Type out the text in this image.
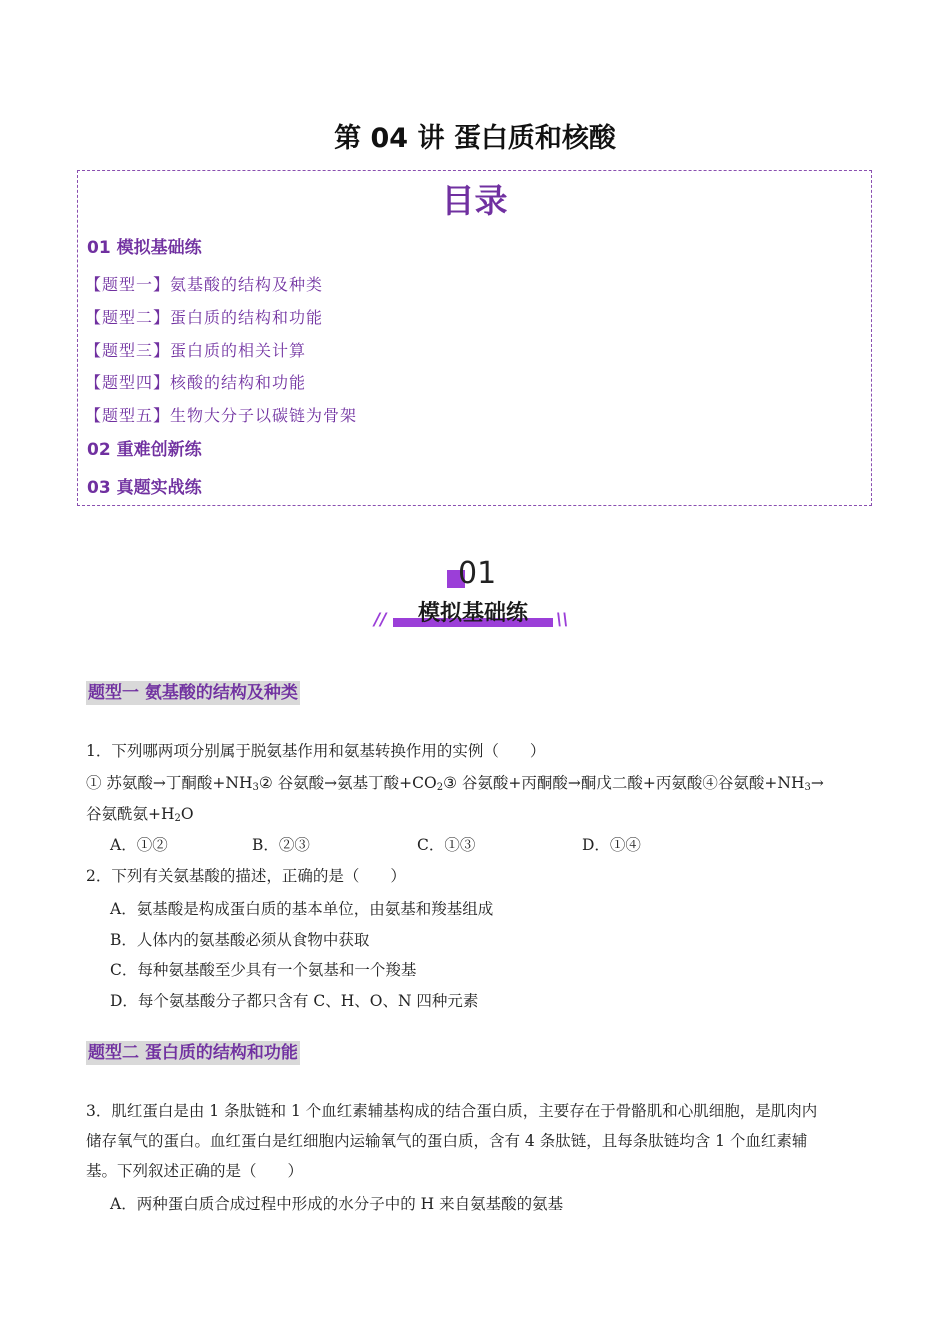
第 04 讲 蛋白质和核酸
目录
01 模拟基础练
【题型一】氨基酸的结构及种类
【题型二】蛋白质的结构和功能
【题型三】蛋白质的相关计算
【题型四】核酸的结构和功能
【题型五】生物大分子以碳链为骨架
02 重难创新练
03 真题实战练
01
模拟基础练
//	\\
题型一 氨基酸的结构及种类
1．下列哪两项分别属于脱氨基作用和氨基转换作用的实例（　　）
① 苏氨酸→丁酮酸$+NH_3②$ 谷氨酸→氨基丁酸$+CO_2③$ 谷氨酸+丙酮酸→酮戊二酸+丙氨酸④谷氨酸$+NH_3\to$
谷氨酰氨$+H_2O$
A．①②	B．②③	C．①③	D．①④
2．下列有关氨基酸的描述，正确的是（　　）
A．氨基酸是构成蛋白质的基本单位，由氨基和羧基组成
B．人体内的氨基酸必须从食物中获取
C．每种氨基酸至少具有一个氨基和一个羧基
D．每个氨基酸分子都只含有 C、H、O、N 四种元素
题型二 蛋白质的结构和功能
3．肌红蛋白是由 1 条肽链和 1 个血红素辅基构成的结合蛋白质，主要存在于骨骼肌和心肌细胞，是肌肉内
储存氧气的蛋白。血红蛋白是红细胞内运输氧气的蛋白质，含有 4 条肽链，且每条肽链均含 1 个血红素辅
基。下列叙述正确的是（　　）
A．两种蛋白质合成过程中形成的水分子中的 H 来自氨基酸的氨基
